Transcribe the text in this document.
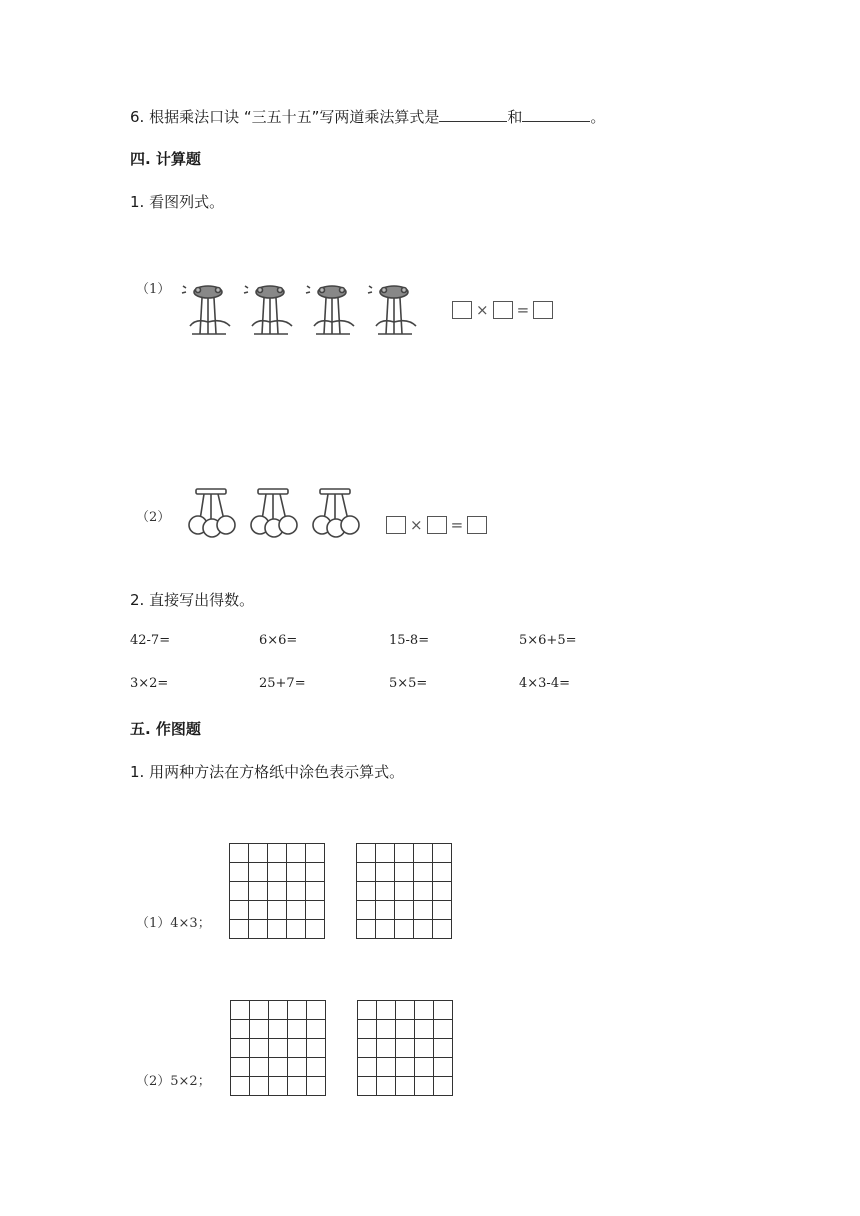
6. 根据乘法口诀 “三五十五”写两道乘法算式是	和	。
四. 计算题
1. 看图列式。
（1）
× =
（2）	× =
2. 直接写出得数。
42-7=	6×6=	15-8=	5×6+5=
3×2=	25+7=	5×5=	4×3-4=
五. 作图题
1. 用两种方法在方格纸中涂色表示算式。
（1）4×3；

（2）5×2；
